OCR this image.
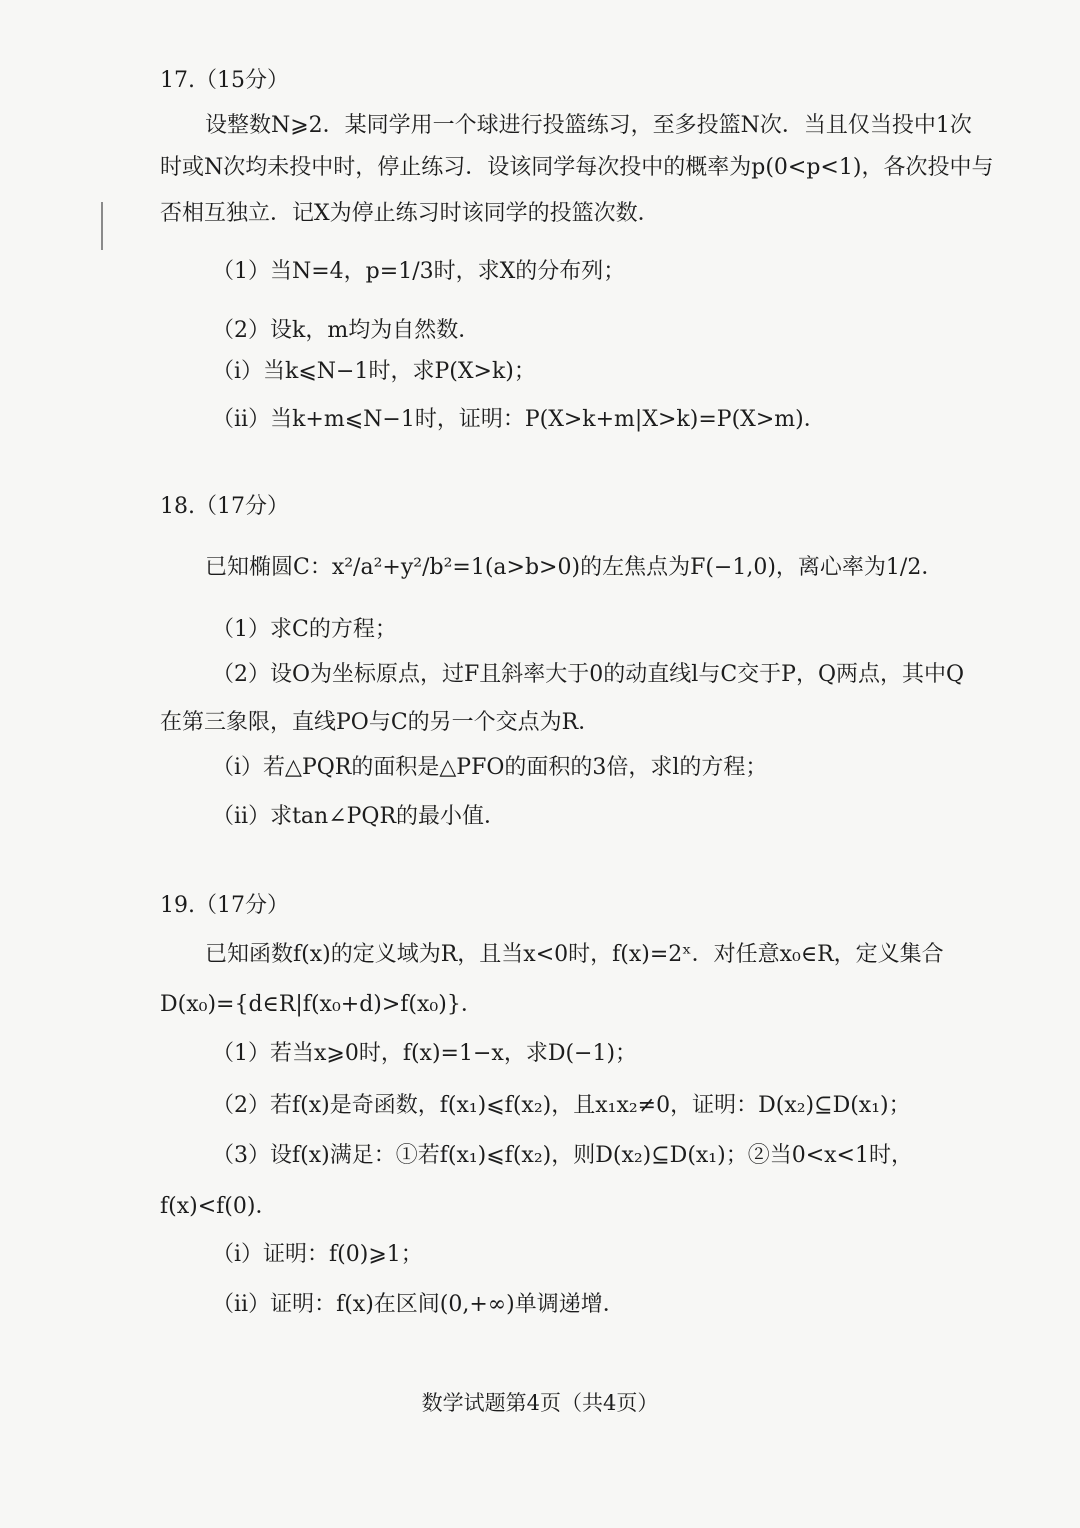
17.（15分）
设整数N⩾2．某同学用一个球进行投篮练习，至多投篮N次．当且仅当投中1次
时或N次均未投中时，停止练习．设该同学每次投中的概率为p(0<p<1)，各次投中与
否相互独立．记X为停止练习时该同学的投篮次数．
（1）当N=4，p=1/3时，求X的分布列；
（2）设k，m均为自然数．
（ⅰ）当k⩽N−1时，求P(X>k)；
（ⅱ）当k+m⩽N−1时，证明：P(X>k+m|X>k)=P(X>m)．
18.（17分）
已知椭圆C：x²/a²+y²/b²=1(a>b>0)的左焦点为F(−1,0)，离心率为1/2．
（1）求C的方程；
（2）设O为坐标原点，过F且斜率大于0的动直线l与C交于P，Q两点，其中Q
在第三象限，直线PO与C的另一个交点为R．
（ⅰ）若△PQR的面积是△PFO的面积的3倍，求l的方程；
（ⅱ）求tan∠PQR的最小值．
19.（17分）
已知函数f(x)的定义域为R，且当x<0时，f(x)=2ˣ．对任意x₀∈R，定义集合
D(x₀)={d∈R|f(x₀+d)>f(x₀)}．
（1）若当x⩾0时，f(x)=1−x，求D(−1)；
（2）若f(x)是奇函数，f(x₁)⩽f(x₂)，且x₁x₂≠0，证明：D(x₂)⊆D(x₁)；
（3）设f(x)满足：①若f(x₁)⩽f(x₂)，则D(x₂)⊆D(x₁)；②当0<x<1时，
f(x)<f(0)．
（ⅰ）证明：f(0)⩾1；
（ⅱ）证明：f(x)在区间(0,+∞)单调递增．
数学试题第4页（共4页）
